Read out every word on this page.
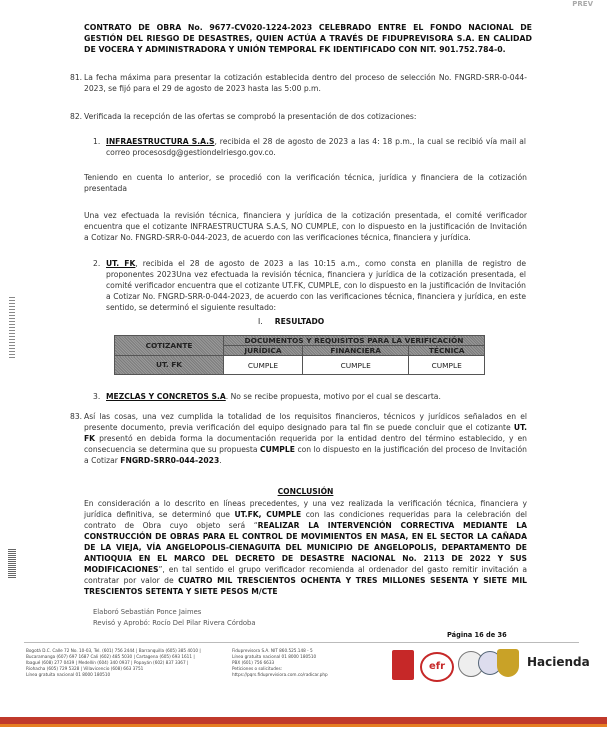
PREV
CONTRATO DE OBRA No. 9677-CV020-1224-2023 CELEBRADO ENTRE EL FONDO NACIONAL DE GESTIÓN DEL RIESGO DE DESASTRES, QUIEN ACTÚA A TRAVÉS DE FIDUPREVISORA S.A. EN CALIDAD DE VOCERA Y ADMINISTRADORA Y UNIÓN TEMPORAL FK IDENTIFICADO CON NIT. 901.752.784-0.
81. La fecha máxima para presentar la cotización establecida dentro del proceso de selección No. FNGRD-SRR-0-044-2023, se fijó para el 29 de agosto de 2023 hasta las 5:00 p.m.
82. Verificada la recepción de las ofertas se comprobó la presentación de dos cotizaciones:
1. INFRAESTRUCTURA S.A.S, recibida el 28 de agosto de 2023 a las 4: 18 p.m., la cual se recibió vía mail al correo procesosdg@gestiondelriesgo.gov.co.
Teniendo en cuenta lo anterior, se procedió con la verificación técnica, jurídica y financiera de la cotización presentada
Una vez efectuada la revisión técnica, financiera y jurídica de la cotización presentada, el comité verificador encuentra que el cotizante INFRAESTRUCTURA S.A.S, NO CUMPLE, con lo dispuesto en la justificación de Invitación a Cotizar No. FNGRD-SRR-0-044-2023, de acuerdo con las verificaciones técnica, financiera y jurídica.
2. UT. FK, recibida el 28 de agosto de 2023 a las 10:15 a.m., como consta en planilla de registro de proponentes 2023Una vez efectuada la revisión técnica, financiera y jurídica de la cotización presentada, el comité verificador encuentra que el cotizante UT.FK, CUMPLE, con lo dispuesto en la justificación de Invitación a Cotizar No. FNGRD-SRR-0-044-2023, de acuerdo con las verificaciones técnica, financiera y jurídica, en este sentido, se determinó el siguiente resultado:
I. RESULTADO
COTIZANTE	DOCUMENTOS Y REQUISITOS PARA LA VERIFICACIÓN		
	JURÍDICA	FINANCIERA	TÉCNICA
UT. FK	CUMPLE	CUMPLE	CUMPLE
3. MEZCLAS Y CONCRETOS S.A. No se recibe propuesta, motivo por el cual se descarta.
83. Así las cosas, una vez cumplida la totalidad de los requisitos financieros, técnicos y jurídicos señalados en el presente documento, previa verificación del equipo designado para tal fin se puede concluir que el cotizante UT. FK presentó en debida forma la documentación requerida por la entidad dentro del término establecido, y en consecuencia se determina que su propuesta CUMPLE con lo dispuesto en la justificación del proceso de Invitación a Cotizar FNGRD-SRR0-044-2023.
CONCLUSIÓN
En consideración a lo descrito en líneas precedentes, y una vez realizada la verificación técnica, financiera y jurídica definitiva, se determinó que UT.FK, CUMPLE con las condiciones requeridas para la celebración del contrato de Obra cuyo objeto será “REALIZAR LA INTERVENCIÓN CORRECTIVA MEDIANTE LA CONSTRUCCIÓN DE OBRAS PARA EL CONTROL DE MOVIMIENTOS EN MASA, EN EL SECTOR LA CAÑADA DE LA VIEJA, VÍA ANGELOPOLIS-CIENAGUITA DEL MUNICIPIO DE ANGELOPOLIS, DEPARTAMENTO DE ANTIOQUIA EN EL MARCO DEL DECRETO DE DESASTRE NACIONAL No. 2113 DE 2022 Y SUS MODIFICACIONES”, en tal sentido el grupo verificador recomienda al ordenador del gasto remitir invitación a contratar por valor de CUATRO MIL TRESCIENTOS OCHENTA Y TRES MILLONES SESENTA Y SIETE MIL TRESCIENTOS SETENTA Y SIETE PESOS M/CTE
Elaboró Sebastián Ponce Jaimes
Revisó y Aprobó: Rocío Del Pilar Rivera Córdoba
Página 16 de 36
Bogotá D.C. Calle 72 No. 10-03, Tel. (601) 756 2444 | Barranquilla (605) 385 4010 |
Bucaramanga (607) 697 1687 Cali (602) 485 5030 | Cartagena (605) 693 1611 |
Ibagué (608) 277 0439 | Medellín (604) 340 0937 | Popayán (602) 837 3367 |
Riohacha (605) 729 5328 | Villavicencio (608) 663 3751
Línea gratuita nacional 01 8000 180510
Fiduprevisora S.A. NIT 860.525.148 - 5
Línea gratuita nacional 01 8000 180510
PBX (601) 756 6633
Peticiones o solicitudes:
https://pqrs.fiduprevisiora.com.co/radicar.php
efr	Hacienda
